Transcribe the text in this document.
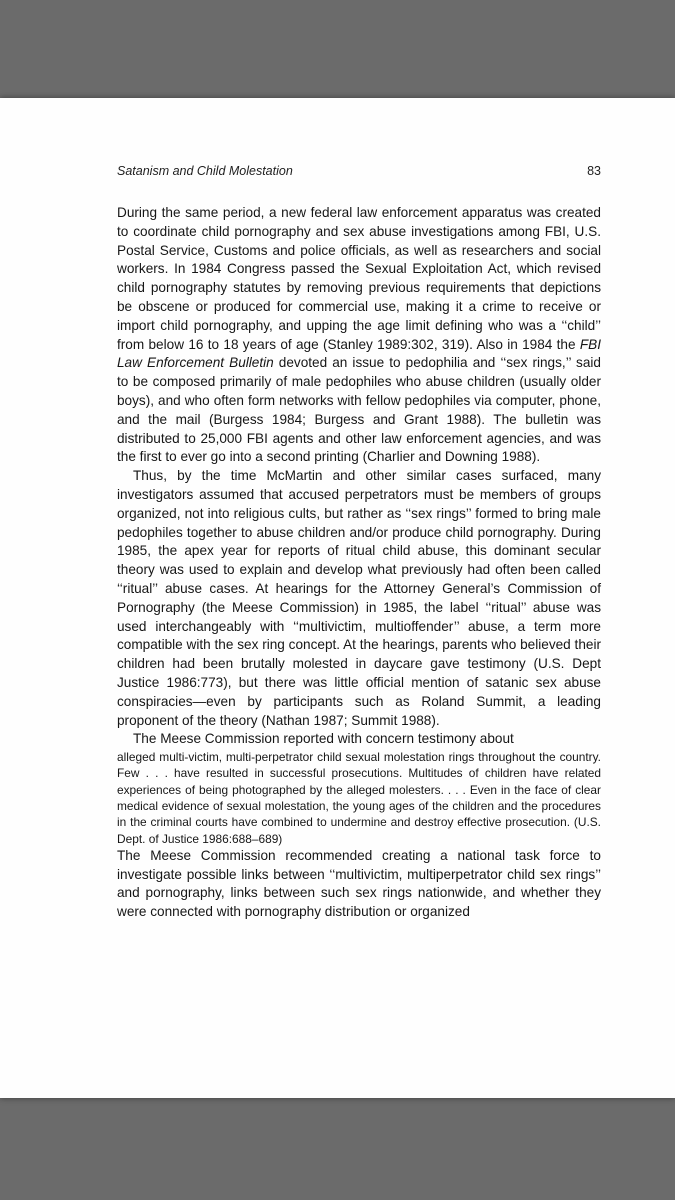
Satanism and Child Molestation	83

During the same period, a new federal law enforcement apparatus was created to coordinate child pornography and sex abuse investigations among FBI, U.S. Postal Service, Customs and police officials, as well as researchers and social workers. In 1984 Congress passed the Sexual Exploitation Act, which revised child pornography statutes by removing previous requirements that depictions be obscene or produced for commercial use, making it a crime to receive or import child pornography, and upping the age limit defining who was a ‘‘child’’ from below 16 to 18 years of age (Stanley 1989:302, 319). Also in 1984 the FBI Law Enforcement Bulletin devoted an issue to pedophilia and ‘‘sex rings,’’ said to be composed primarily of male pedophiles who abuse children (usually older boys), and who often form networks with fellow pedophiles via computer, phone, and the mail (Burgess 1984; Burgess and Grant 1988). The bulletin was distributed to 25,000 FBI agents and other law enforcement agencies, and was the first to ever go into a second printing (Charlier and Downing 1988).

Thus, by the time McMartin and other similar cases surfaced, many investigators assumed that accused perpetrators must be members of groups organized, not into religious cults, but rather as ‘‘sex rings’’ formed to bring male pedophiles together to abuse children and/or produce child pornography. During 1985, the apex year for reports of ritual child abuse, this dominant secular theory was used to explain and develop what previously had often been called ‘‘ritual’’ abuse cases. At hearings for the Attorney General’s Commission of Pornography (the Meese Commission) in 1985, the label ‘‘ritual’’ abuse was used interchangeably with ‘‘multivictim, multioffender’’ abuse, a term more compatible with the sex ring concept. At the hearings, parents who believed their children had been brutally molested in daycare gave testimony (U.S. Dept Justice 1986:773), but there was little official mention of satanic sex abuse conspiracies—even by participants such as Roland Summit, a leading proponent of the theory (Nathan 1987; Summit 1988).

The Meese Commission reported with concern testimony about

alleged multi-victim, multi-perpetrator child sexual molestation rings throughout the country. Few . . . have resulted in successful prosecutions. Multitudes of children have related experiences of being photographed by the alleged molesters. . . . Even in the face of clear medical evidence of sexual molestation, the young ages of the children and the procedures in the criminal courts have combined to undermine and destroy effective prosecution. (U.S. Dept. of Justice 1986:688–689)

The Meese Commission recommended creating a national task force to investigate possible links between ‘‘multivictim, multiperpetrator child sex rings’’ and pornography, links between such sex rings nationwide, and whether they were connected with pornography distribution or organized
